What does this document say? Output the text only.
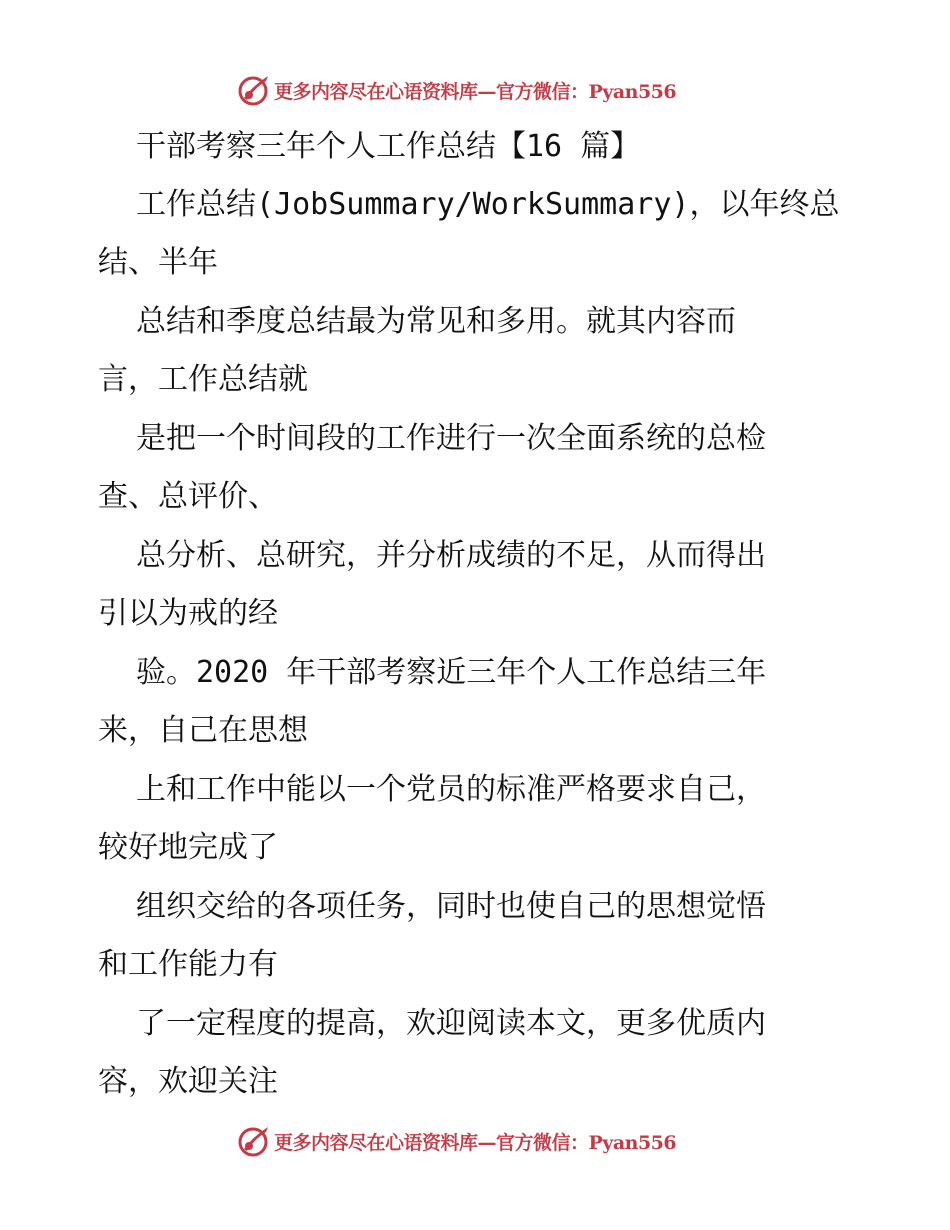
更多内容尽在心语资料库—官方微信：Pyan556
干部考察三年个人工作总结【16 篇】
工作总结(JobSummary/WorkSummary)，以年终总
结、半年
总结和季度总结最为常见和多用。就其内容而
言，工作总结就
是把一个时间段的工作进行一次全面系统的总检
查、总评价、
总分析、总研究，并分析成绩的不足，从而得出
引以为戒的经
验。2020 年干部考察近三年个人工作总结三年
来，自己在思想
上和工作中能以一个党员的标准严格要求自己，
较好地完成了
组织交给的各项任务，同时也使自己的思想觉悟
和工作能力有
了一定程度的提高，欢迎阅读本文，更多优质内
容，欢迎关注
更多内容尽在心语资料库—官方微信：Pyan556
